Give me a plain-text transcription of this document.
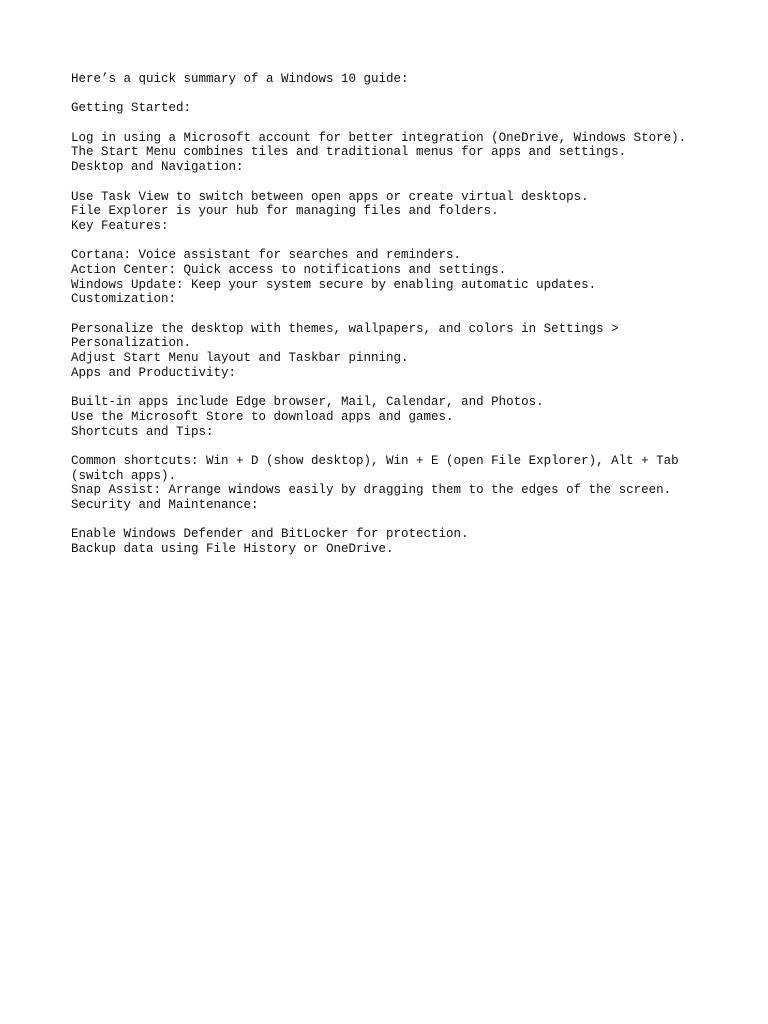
Here’s a quick summary of a Windows 10 guide:
Getting Started:
Log in using a Microsoft account for better integration (OneDrive, Windows Store).
The Start Menu combines tiles and traditional menus for apps and settings.
Desktop and Navigation:
Use Task View to switch between open apps or create virtual desktops.
File Explorer is your hub for managing files and folders.
Key Features:
Cortana: Voice assistant for searches and reminders.
Action Center: Quick access to notifications and settings.
Windows Update: Keep your system secure by enabling automatic updates.
Customization:
Personalize the desktop with themes, wallpapers, and colors in Settings >
Personalization.
Adjust Start Menu layout and Taskbar pinning.
Apps and Productivity:
Built-in apps include Edge browser, Mail, Calendar, and Photos.
Use the Microsoft Store to download apps and games.
Shortcuts and Tips:
Common shortcuts: Win + D (show desktop), Win + E (open File Explorer), Alt + Tab
(switch apps).
Snap Assist: Arrange windows easily by dragging them to the edges of the screen.
Security and Maintenance:
Enable Windows Defender and BitLocker for protection.
Backup data using File History or OneDrive.
